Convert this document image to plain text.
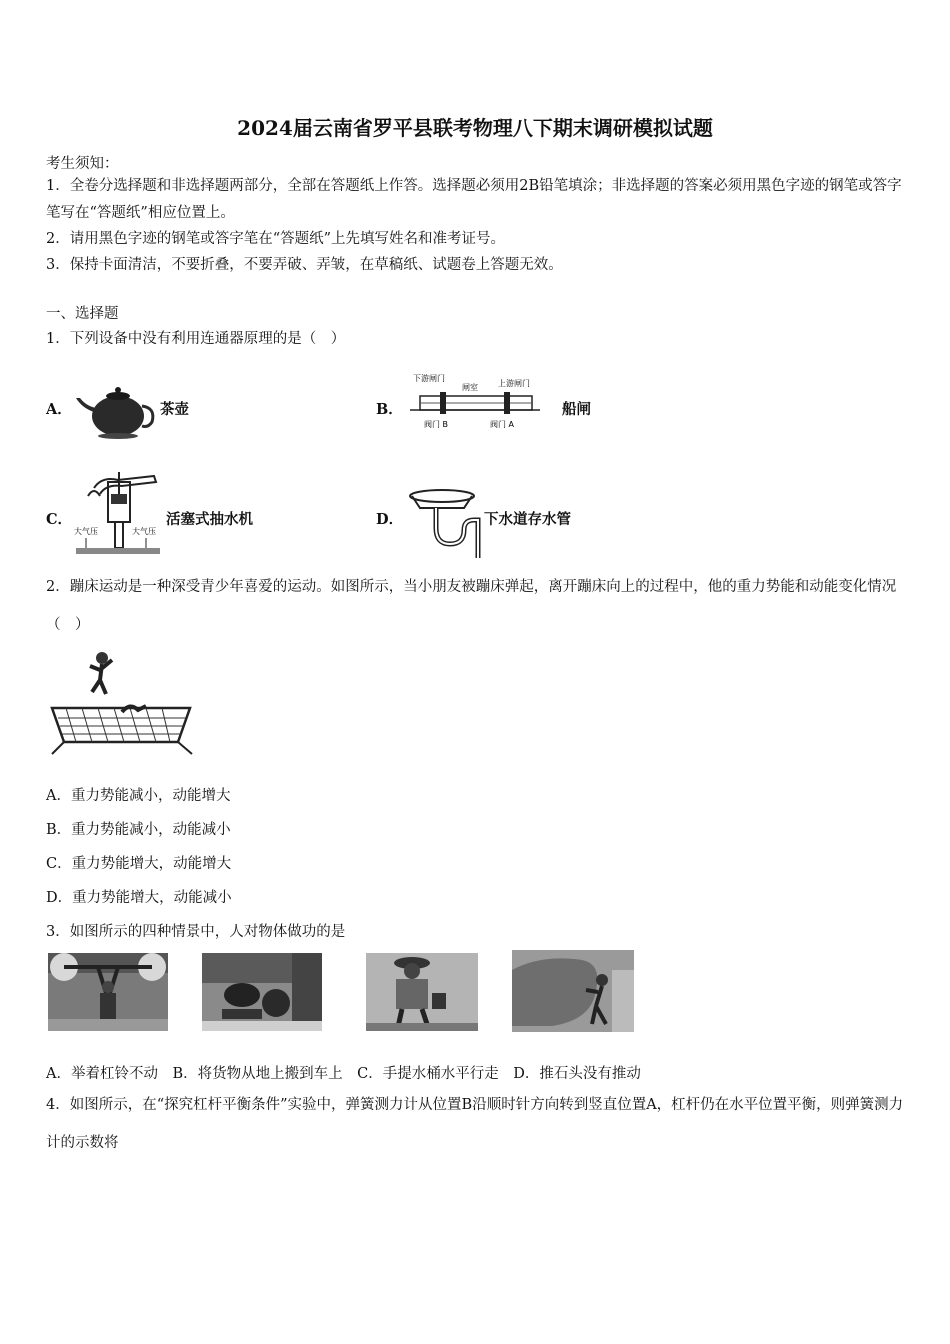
2024届云南省罗平县联考物理八下期末调研模拟试题
考生须知：
1．全卷分选择题和非选择题两部分，全部在答题纸上作答。选择题必须用2B铅笔填涂；非选择题的答案必须用黑色字迹的钢笔或答字笔写在“答题纸”相应位置上。
2．请用黑色字迹的钢笔或答字笔在“答题纸”上先填写姓名和准考证号。
3．保持卡面清洁，不要折叠，不要弄破、弄皱，在草稿纸、试题卷上答题无效。
一、选择题
1．下列设备中没有利用连通器原理的是（　）
A．	茶壶	B．
下游闸门
闸室	上游闸门
阀门 B	阀门 A
船闸
C．
大气压	大气压
活塞式抽水机	D．	下水道存水管
2．蹦床运动是一种深受青少年喜爱的运动。如图所示，当小朋友被蹦床弹起，离开蹦床向上的过程中，他的重力势能和动能变化情况（　）
A．重力势能减小，动能增大
B．重力势能减小，动能减小
C．重力势能增大，动能增大
D．重力势能增大，动能减小
3．如图所示的四种情景中，人对物体做功的是
A．举着杠铃不动　B．将货物从地上搬到车上　C．手提水桶水平行走　D．推石头没有推动
4．如图所示，在“探究杠杆平衡条件”实验中，弹簧测力计从位置B沿顺时针方向转到竖直位置A，杠杆仍在水平位置平衡，则弹簧测力计的示数将
